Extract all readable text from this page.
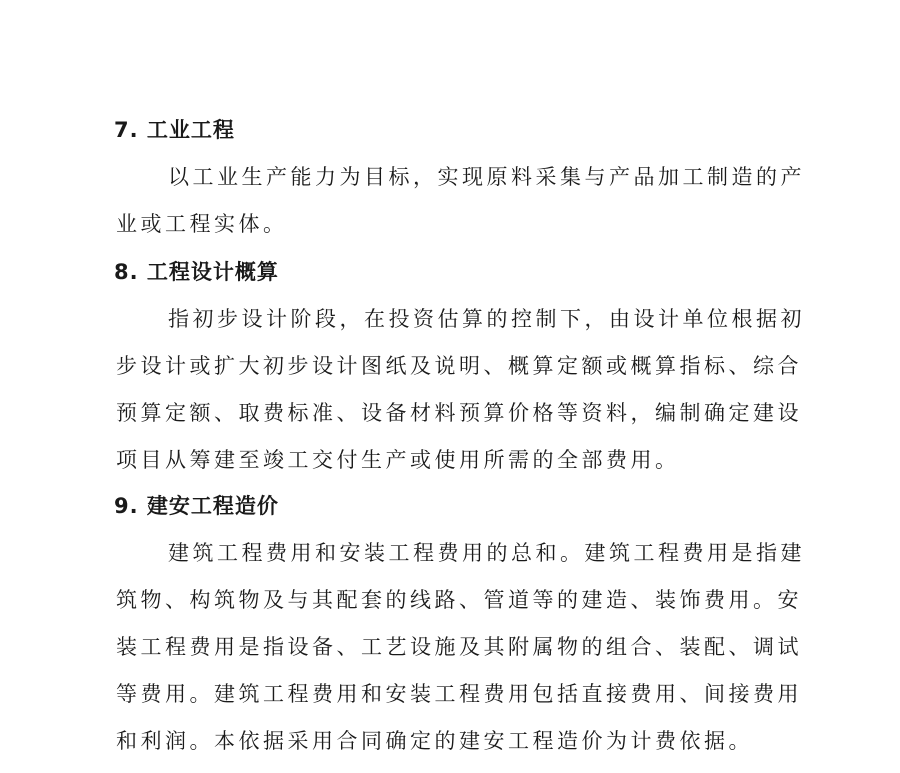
7. 工业工程
以工业生产能力为目标，实现原料采集与产品加工制造的产
业或工程实体。
8. 工程设计概算
指初步设计阶段，在投资估算的控制下，由设计单位根据初
步设计或扩大初步设计图纸及说明、概算定额或概算指标、综合
预算定额、取费标准、设备材料预算价格等资料，编制确定建设
项目从筹建至竣工交付生产或使用所需的全部费用。
9. 建安工程造价
建筑工程费用和安装工程费用的总和。建筑工程费用是指建
筑物、构筑物及与其配套的线路、管道等的建造、装饰费用。安
装工程费用是指设备、工艺设施及其附属物的组合、装配、调试
等费用。建筑工程费用和安装工程费用包括直接费用、间接费用
和利润。本依据采用合同确定的建安工程造价为计费依据。
